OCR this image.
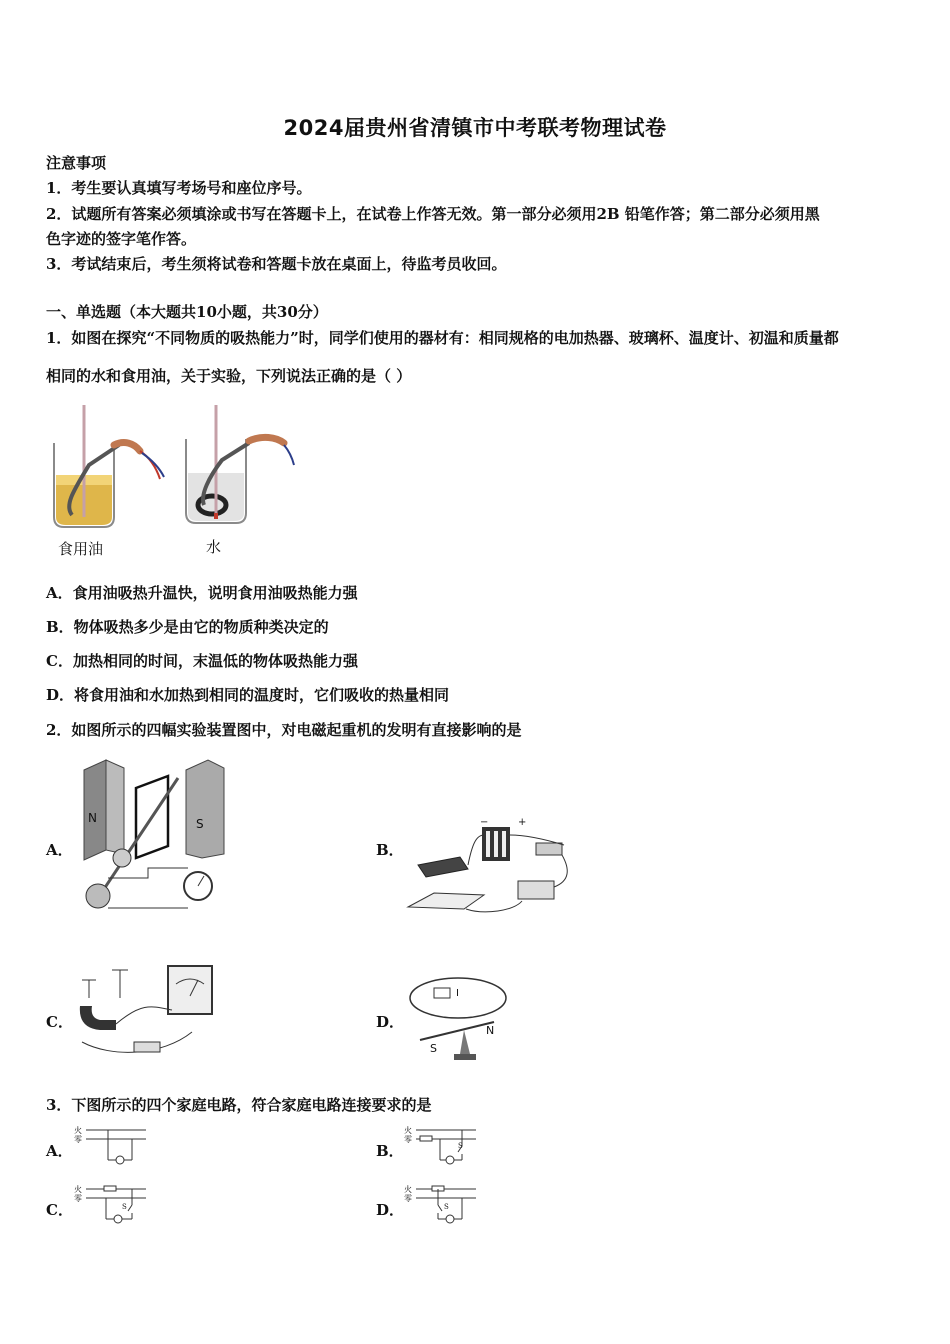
2024届贵州省清镇市中考联考物理试卷
注意事项
1．考生要认真填写考场号和座位序号。
2．试题所有答案必须填涂或书写在答题卡上，在试卷上作答无效。第一部分必须用2B 铅笔作答；第二部分必须用黑
色字迹的签字笔作答。
3．考试结束后，考生须将试卷和答题卡放在桌面上，待监考员收回。
一、单选题（本大题共10小题，共30分）
1．如图在探究“不同物质的吸热能力”时，同学们使用的器材有：相同规格的电加热器、玻璃杯、温度计、初温和质量都
相同的水和食用油，关于实验，下列说法正确的是（ ）
食用油	水
A．食用油吸热升温快，说明食用油吸热能力强
B．物体吸热多少是由它的物质种类决定的
C．加热相同的时间，末温低的物体吸热能力强
D．将食用油和水加热到相同的温度时，它们吸收的热量相同
2．如图所示的四幅实验装置图中，对电磁起重机的发明有直接影响的是
A．
N	S
B．
−	+
C．	D．
I
N
S
3．下图所示的四个家庭电路，符合家庭电路连接要求的是
A．
火
零
B．
火
零
S
C．
火
零
S	D．
火
零
S
